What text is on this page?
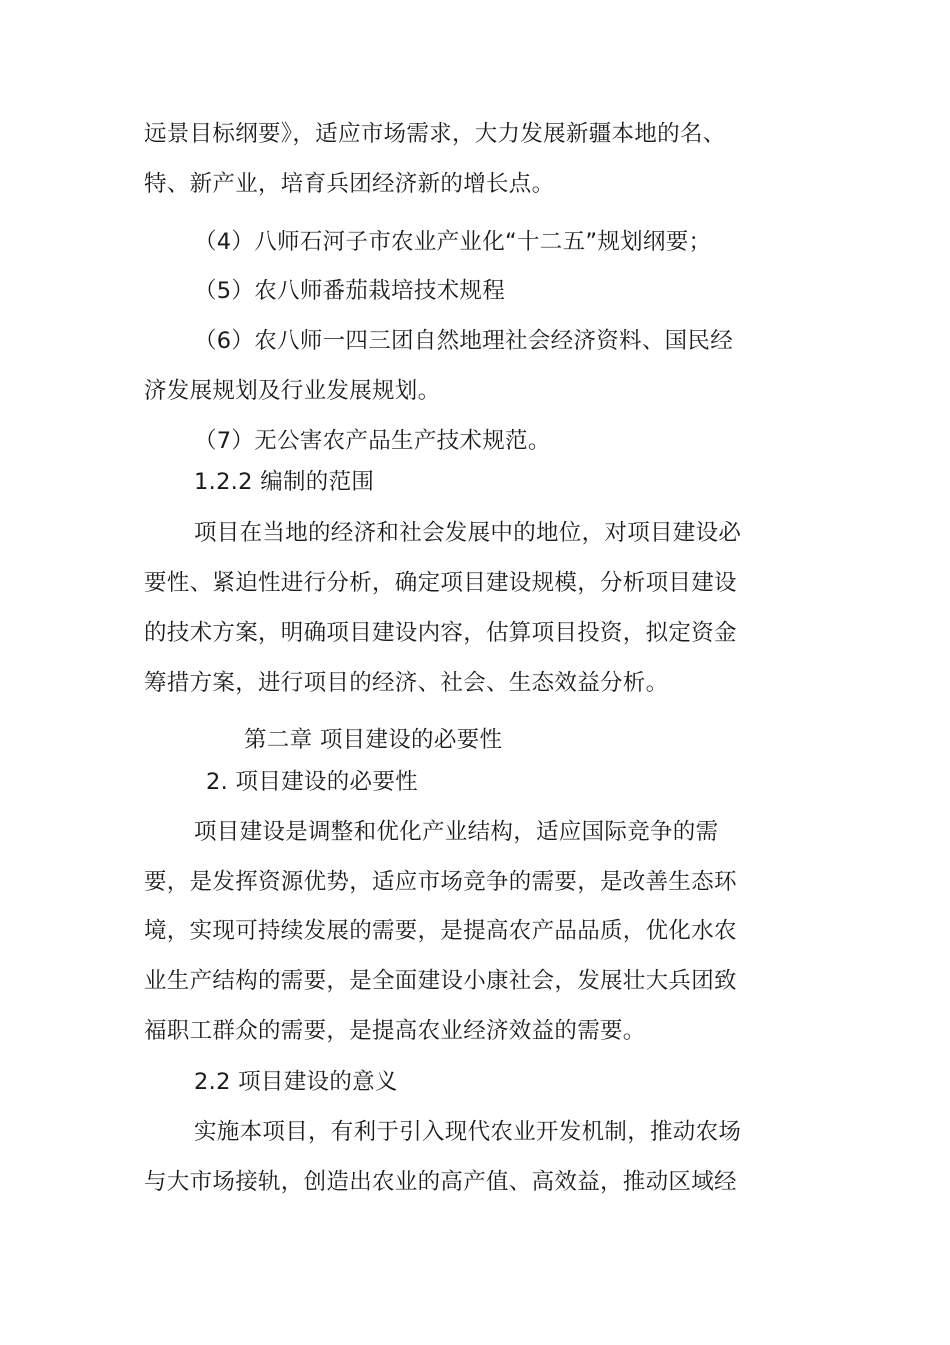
远景目标纲要》，适应市场需求，大力发展新疆本地的名、
特、新产业，培育兵团经济新的增长点。
（4）八师石河子市农业产业化“十二五”规划纲要；
（5）农八师番茄栽培技术规程
（6）农八师一四三团自然地理社会经济资料、国民经
济发展规划及行业发展规划。
（7）无公害农产品生产技术规范。
1.2.2 编制的范围
项目在当地的经济和社会发展中的地位，对项目建设必
要性、紧迫性进行分析，确定项目建设规模，分析项目建设
的技术方案，明确项目建设内容，估算项目投资，拟定资金
筹措方案，进行项目的经济、社会、生态效益分析。
第二章 项目建设的必要性
2. 项目建设的必要性
项目建设是调整和优化产业结构，适应国际竞争的需
要，是发挥资源优势，适应市场竞争的需要，是改善生态环
境，实现可持续发展的需要，是提高农产品品质，优化水农
业生产结构的需要，是全面建设小康社会，发展壮大兵团致
福职工群众的需要，是提高农业经济效益的需要。
2.2 项目建设的意义
实施本项目，有利于引入现代农业开发机制，推动农场
与大市场接轨，创造出农业的高产值、高效益，推动区域经
